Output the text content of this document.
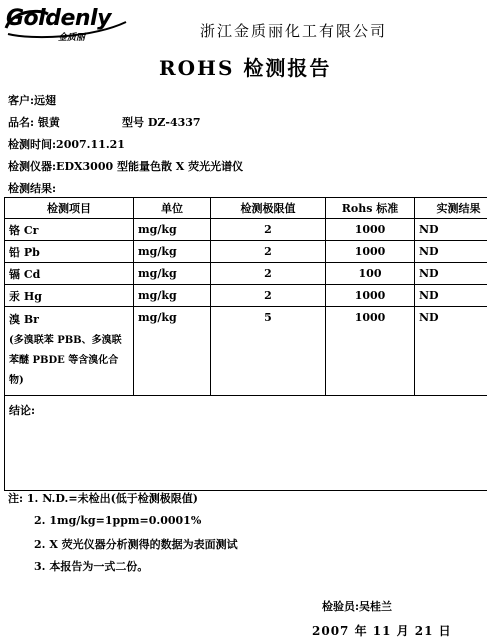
Goldenly
金质丽	浙江金质丽化工有限公司
ROHS 检测报告
客户:远翅
品名: 银黄	型号 DZ-4337
检测时间:2007.11.21
检测仪器:EDX3000 型能量色散 X 荧光光谱仪
检测结果:
检测项目	单位	检测极限值	Rohs 标准	实测结果
铬 Cr	mg/kg	2	1000	ND
铅 Pb	mg/kg	2	1000	ND
镉 Cd	mg/kg	2	100	ND
汞 Hg	mg/kg	2	1000	ND

溴 Br
(多溴联苯 PBB、多溴联苯醚 PBDE 等含溴化合物)	mg/kg	5	1000	ND
结论:				
注: 1. N.D.=未检出(低于检测极限值)
2. 1mg/kg=1ppm=0.0001%
2. X 荧光仪器分析测得的数据为表面测试
3. 本报告为一式二份。
检验员:吴桂兰
2007 年 11 月 21 日
